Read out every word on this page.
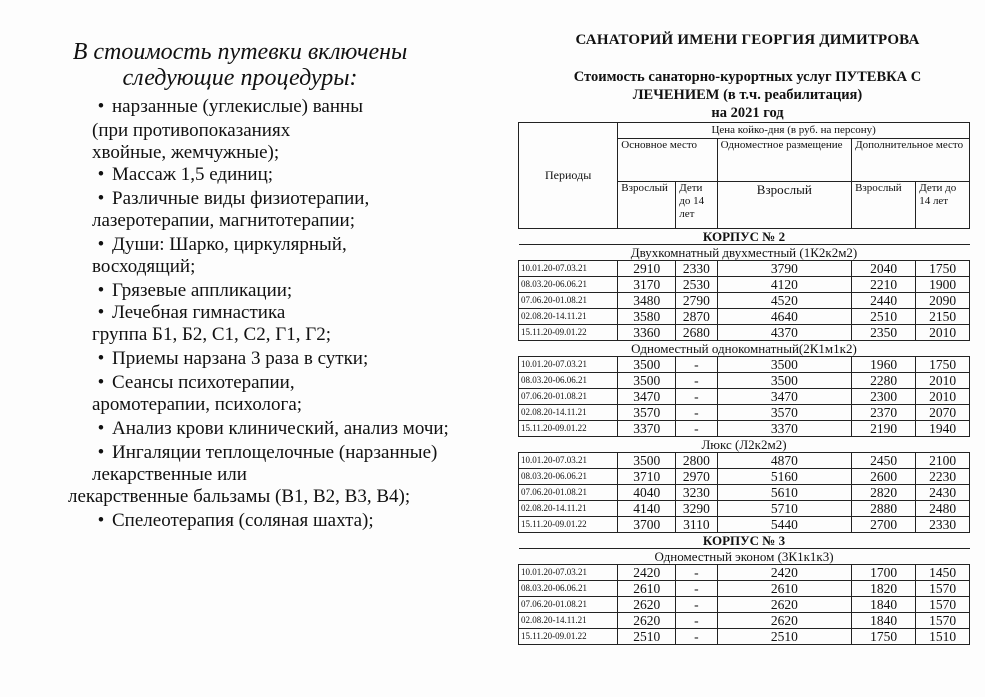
В стоимость путевки включены
следующие процедуры:
• нарзанные (углекислые) ванны
(при противопоказаниях
хвойные, жемчужные);
• Массаж 1,5 единиц;
• Различные виды физиотерапии,
лазеротерапии, магнитотерапии;
• Души: Шарко, циркулярный,
восходящий;
• Грязевые аппликации;
• Лечебная гимнастика
группа Б1, Б2, С1, С2, Г1, Г2;
• Приемы нарзана 3 раза в сутки;
• Сеансы психотерапии,
аромотерапии, психолога;
• Анализ крови клинический, анализ мочи;
• Ингаляции теплощелочные (нарзанные)
лекарственные или
лекарственные бальзамы (В1, В2, В3, В4);
• Спелеотерапия (соляная шахта);
САНАТОРИЙ ИМЕНИ ГЕОРГИЯ ДИМИТРОВА
Стоимость санаторно-курортных услуг ПУТЕВКА С
ЛЕЧЕНИЕМ (в т.ч. реабилитация)
на 2021 год
Периоды	Цена койко-дня (в руб. на персону)
Основное место	Одноместное размещение	Дополнительное место
Взрослый	Дети до 14 лет	Взрослый	Взрослый	Дети до 14 лет
КОРПУС № 2
Двухкомнатный двухместный (1К2к2м2)
10.01.20-07.03.21	2910	2330	3790	2040	1750
08.03.20-06.06.21	3170	2530	4120	2210	1900
07.06.20-01.08.21	3480	2790	4520	2440	2090
02.08.20-14.11.21	3580	2870	4640	2510	2150
15.11.20-09.01.22	3360	2680	4370	2350	2010
Одноместный однокомнатный(2К1м1к2)
10.01.20-07.03.21	3500	-	3500	1960	1750
08.03.20-06.06.21	3500	-	3500	2280	2010
07.06.20-01.08.21	3470	-	3470	2300	2010
02.08.20-14.11.21	3570	-	3570	2370	2070
15.11.20-09.01.22	3370	-	3370	2190	1940
Люкс (Л2к2м2)
10.01.20-07.03.21	3500	2800	4870	2450	2100
08.03.20-06.06.21	3710	2970	5160	2600	2230
07.06.20-01.08.21	4040	3230	5610	2820	2430
02.08.20-14.11.21	4140	3290	5710	2880	2480
15.11.20-09.01.22	3700	3110	5440	2700	2330
КОРПУС № 3
Одноместный эконом (3К1к1к3)
10.01.20-07.03.21	2420	-	2420	1700	1450
08.03.20-06.06.21	2610	-	2610	1820	1570
07.06.20-01.08.21	2620	-	2620	1840	1570
02.08.20-14.11.21	2620	-	2620	1840	1570
15.11.20-09.01.22	2510	-	2510	1750	1510
